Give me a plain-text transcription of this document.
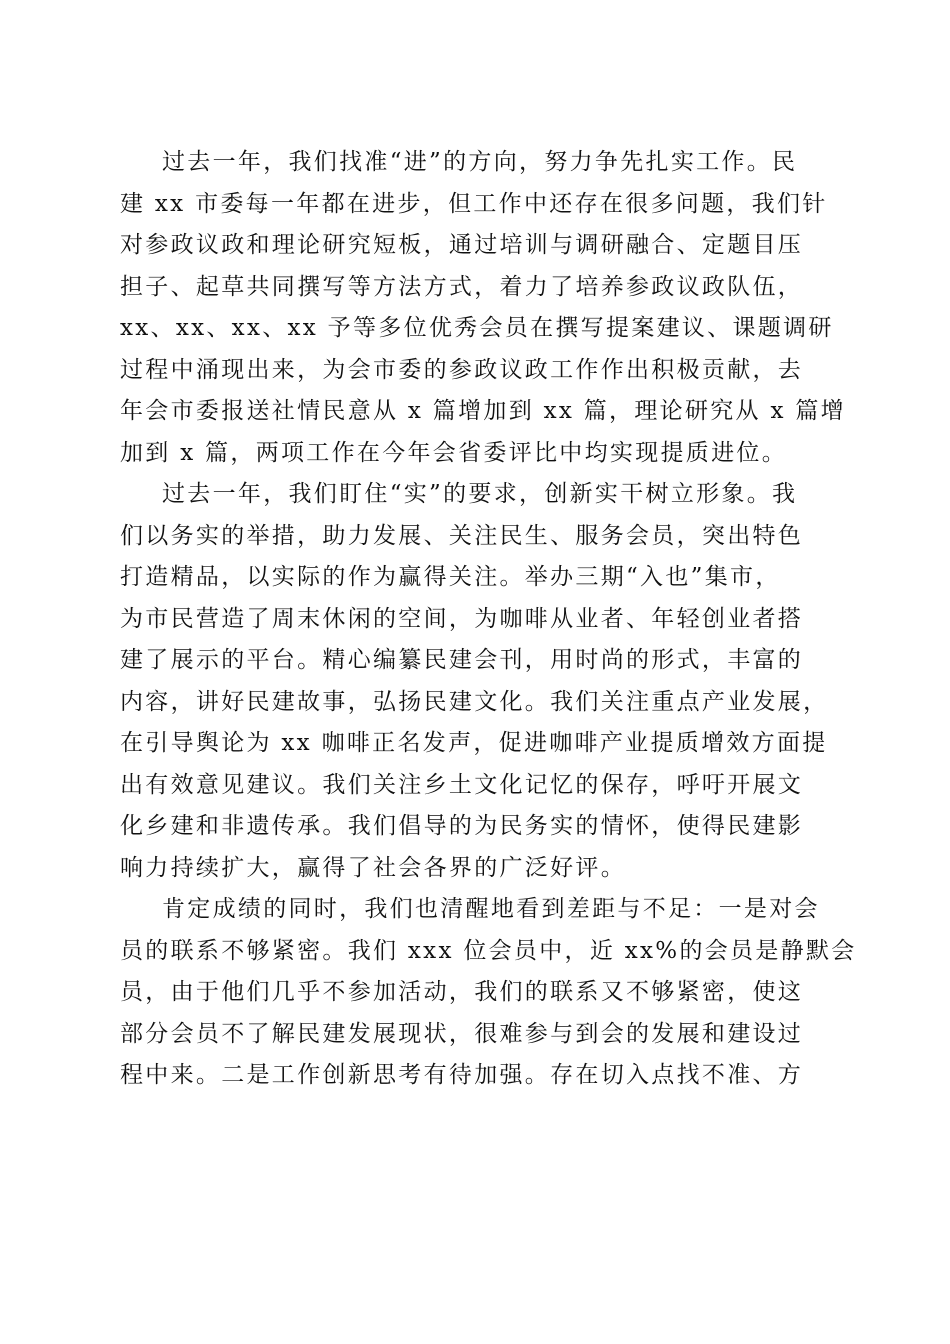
过去一年，我们找准“进”的方向，努力争先扎实工作。民
建 xx 市委每一年都在进步，但工作中还存在很多问题，我们针
对参政议政和理论研究短板，通过培训与调研融合、定题目压
担子、起草共同撰写等方法方式，着力了培养参政议政队伍，
xx、xx、xx、xx 予等多位优秀会员在撰写提案建议、课题调研
过程中涌现出来，为会市委的参政议政工作作出积极贡献，去
年会市委报送社情民意从 x 篇增加到 xx 篇，理论研究从 x 篇增
加到 x 篇，两项工作在今年会省委评比中均实现提质进位。
过去一年，我们盯住“实”的要求，创新实干树立形象。我
们以务实的举措，助力发展、关注民生、服务会员，突出特色
打造精品，以实际的作为赢得关注。举办三期“入也”集市，
为市民营造了周末休闲的空间，为咖啡从业者、年轻创业者搭
建了展示的平台。精心编纂民建会刊，用时尚的形式，丰富的
内容，讲好民建故事，弘扬民建文化。我们关注重点产业发展，
在引导舆论为 xx 咖啡正名发声，促进咖啡产业提质增效方面提
出有效意见建议。我们关注乡土文化记忆的保存，呼吁开展文
化乡建和非遗传承。我们倡导的为民务实的情怀，使得民建影
响力持续扩大，赢得了社会各界的广泛好评。
肯定成绩的同时，我们也清醒地看到差距与不足：一是对会
员的联系不够紧密。我们 xxx 位会员中，近 xx%的会员是静默会
员，由于他们几乎不参加活动，我们的联系又不够紧密，使这
部分会员不了解民建发展现状，很难参与到会的发展和建设过
程中来。二是工作创新思考有待加强。存在切入点找不准、方
